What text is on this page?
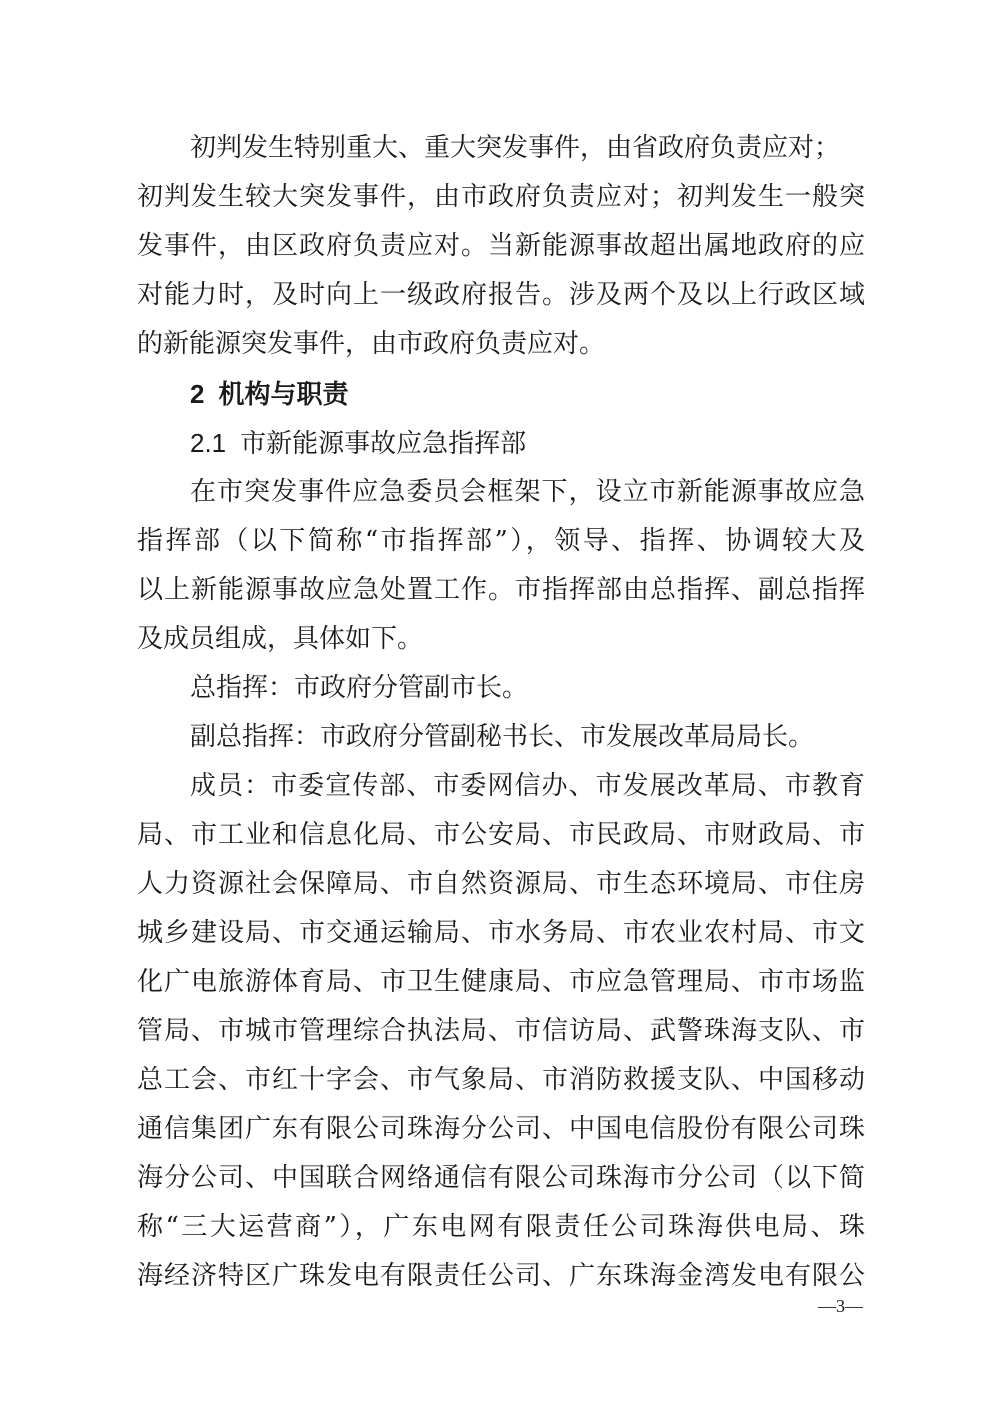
初判发生特别重大、重大突发事件，由省政府负责应对；
初判发生较大突发事件，由市政府负责应对；初判发生一般突
发事件，由区政府负责应对。当新能源事故超出属地政府的应
对能力时，及时向上一级政府报告。涉及两个及以上行政区域
的新能源突发事件，由市政府负责应对。
2 机构与职责
2.1 市新能源事故应急指挥部
在市突发事件应急委员会框架下，设立市新能源事故应急
指挥部（以下简称“市指挥部”），领导、指挥、协调较大及
以上新能源事故应急处置工作。市指挥部由总指挥、副总指挥
及成员组成，具体如下。
总指挥：市政府分管副市长。
副总指挥：市政府分管副秘书长、市发展改革局局长。
成员：市委宣传部、市委网信办、市发展改革局、市教育
局、市工业和信息化局、市公安局、市民政局、市财政局、市
人力资源社会保障局、市自然资源局、市生态环境局、市住房
城乡建设局、市交通运输局、市水务局、市农业农村局、市文
化广电旅游体育局、市卫生健康局、市应急管理局、市市场监
管局、市城市管理综合执法局、市信访局、武警珠海支队、市
总工会、市红十字会、市气象局、市消防救援支队、中国移动
通信集团广东有限公司珠海分公司、中国电信股份有限公司珠
海分公司、中国联合网络通信有限公司珠海市分公司（以下简
称“三大运营商”），广东电网有限责任公司珠海供电局、珠
海经济特区广珠发电有限责任公司、广东珠海金湾发电有限公
—3—
